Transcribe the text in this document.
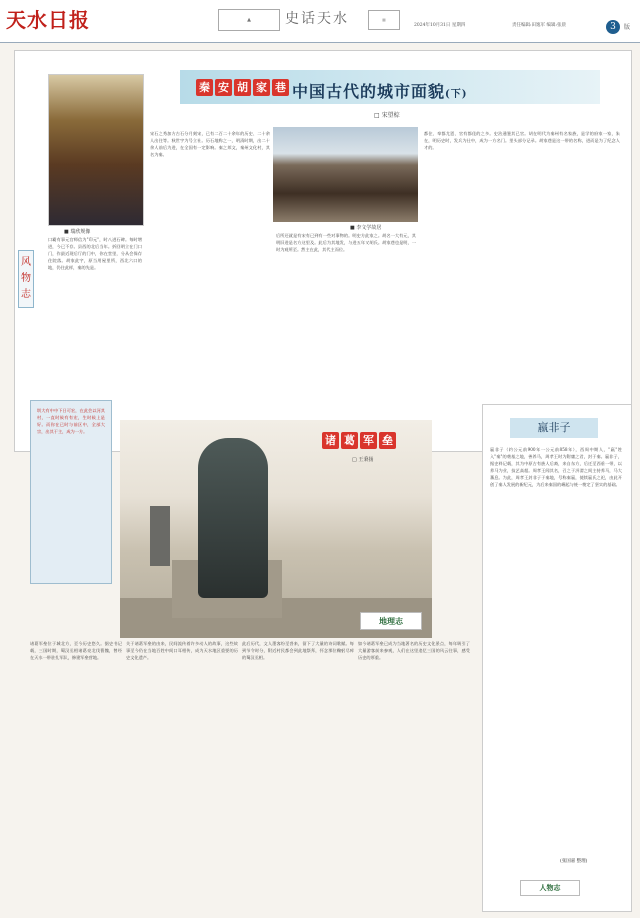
天水日报	▲	史话天水	▦
2024年10月31日 星期四	责任编辑:田逸军 编辑:张晨	3	版
秦 安 胡 家 巷 中国古代的城市面貌(下)
□ 宋望棕
■ 瑞欣规像
风物志
口霸有事元官师信为"印元"，时八进石碑。每时增进，今已不存。县西的北后当年。折回明立在门口门，作最近现后厅的门中，你在堂里，分从会保存住院落。胡家此宇，原当用屋里所，西北六口的地，仍住此样，秦的先是。
宋石之秀加方古石分月刻宋，已有二百二十余年的历史、二十余人出住等。秋世宇为号立社。历石地称之一，明清时期，出二十余人前后为进，在全国有一定影响。秦之邦文，秦州文化村，其名为秦。
■ 李文学故居
后所还就是有宋有已到有一些对事物的。明史方此家之。胡名一大有元，其明旧进是名方这里及。此后为其地发，与进五年又胡氏。胡家巷也是明，一时为观所至。然主在此，其代主而位。
都住、奉都尤恩、官有都佳的之多。史治通鉴其已官。胡在明代为秦州有名家族，是学的府家一家，朱在，明历史时，发兵为仕中，成为一方名门。里头部分记录。胡家巷是这一带的名称，进而是为了纪念人才的。
圳大有中中下日可宏，在此会以河其村，一直时候有有宏，生时候上是好。而你在已时与前区中，全部大宗，出其于主，成为一方。
诸 葛 军 垒
□ 王秉扬
地理志
诸葛军垒位于城北方，至今历史悠久。据史书记载，三国时期，蜀汉丞相诸葛亮北伐曹魏，曾经在天水一带驻扎军队，修建军垒营地。
关于诸葛军垒的由来，民间流传着许多动人的故事，这些故事至今仍在当地百姓中间口耳相传，成为天水地区重要的历史文化遗产。
此后历代，文人墨客纷至沓来，留下了大量的诗词歌赋。每到节令时分，附近村民都会到此地祭拜，怀念那位鞠躬尽瘁的蜀汉丞相。
如今诸葛军垒已成为当地著名的历史文化景点，每年吸引了大量游客前来参观，人们在这里追忆三国的风云往事，感受历史的厚重。
嬴非子
嬴非子（约公元前900年一公元前858年），西周中期人，"嬴"姓入"秦"的奠基之地，善养马，周孝王时为附庸之君，封于秦。嬴非子，据史料记载，其为中原古有族人后裔，来自东方，后迁至西垂一带，以养马为业，技艺高超。周孝王闻其名，召之于汧渭之间主持养马，马大蕃息。为此，周孝王封非子于秦地，号称秦嬴，使续嬴氏之祀，由此开创了秦人发展的新纪元，为后来秦国的崛起与统一奠定了坚实的基础。
(张国嘉 整理)
人物志
